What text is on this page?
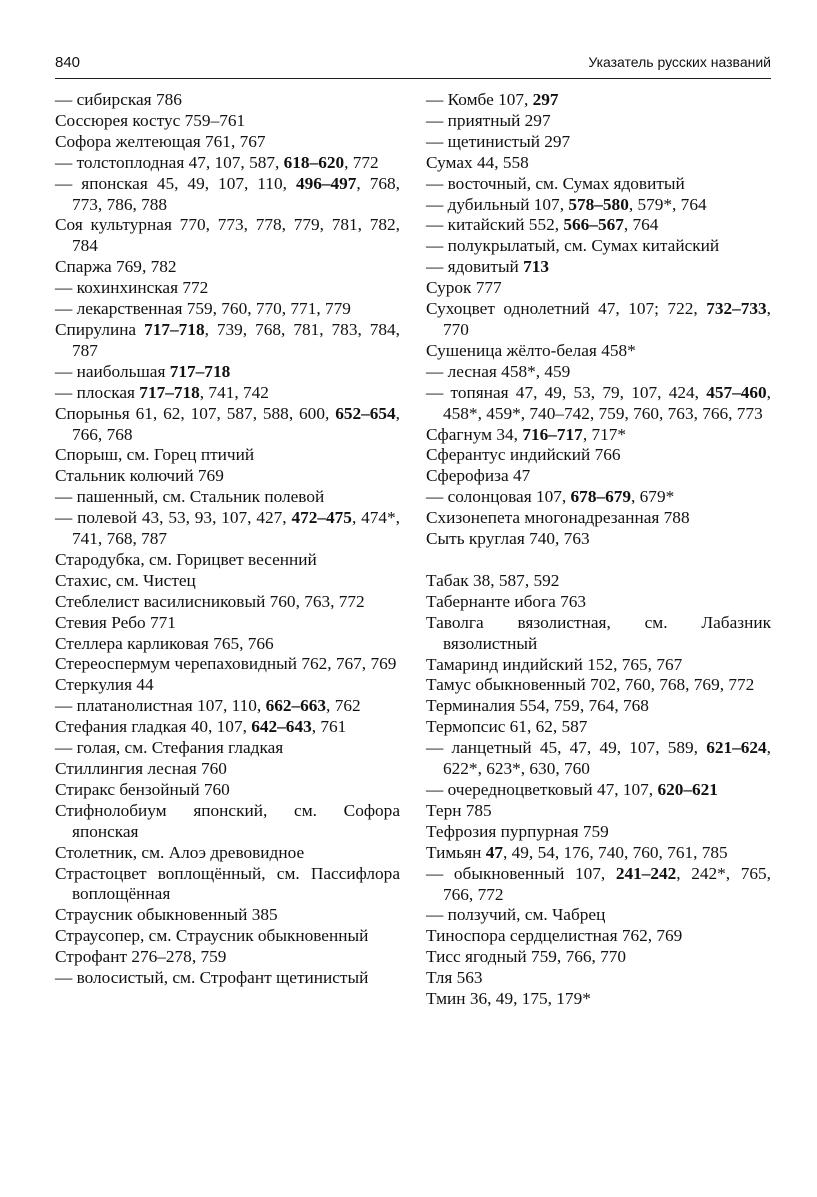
840	Указатель русских названий

— сибирская 786

Соссюрея костус 759–761

Софора желтеющая 761, 767

— толстоплодная 47, 107, 587, 618–620, 772

— японская 45, 49, 107, 110, 496–497, 768, 773, 786, 788

Соя культурная 770, 773, 778, 779, 781, 782, 784

Спаржа 769, 782

— кохинхинская 772

— лекарственная 759, 760, 770, 771, 779

Спирулина 717–718, 739, 768, 781, 783, 784, 787

— наибольшая 717–718

— плоская 717–718, 741, 742

Спорынья 61, 62, 107, 587, 588, 600, 652–654, 766, 768

Спорыш, см. Горец птичий

Стальник колючий 769

— пашенный, см. Стальник полевой

— полевой 43, 53, 93, 107, 427, 472–475, 474*, 741, 768, 787

Стародубка, см. Горицвет весенний

Стахис, см. Чистец

Стеблелист василисниковый 760, 763, 772

Стевия Ребо 771

Стеллера карликовая 765, 766

Стереоспермум черепаховидный 762, 767, 769

Стеркулия 44

— платанолистная 107, 110, 662–663, 762

Стефания гладкая 40, 107, 642–643, 761

— голая, см. Стефания гладкая

Стиллингия лесная 760

Стиракс бензойный 760

Стифнолобиум японский, см. Софора японская

Столетник, см. Алоэ древовидное

Страстоцвет воплощённый, см. Пассифлора воплощённая

Страусник обыкновенный 385

Страусопер, см. Страусник обыкновенный

Строфант 276–278, 759

— волосистый, см. Строфант щетинистый

— Комбе 107, 297

— приятный 297

— щетинистый 297

Сумах 44, 558

— восточный, см. Сумах ядовитый

— дубильный 107, 578–580, 579*, 764

— китайский 552, 566–567, 764

— полукрылатый, см. Сумах китайский

— ядовитый 713

Сурок 777

Сухоцвет однолетний 47, 107; 722, 732–733, 770

Сушеница жёлто-белая 458*

— лесная 458*, 459

— топяная 47, 49, 53, 79, 107, 424, 457–460, 458*, 459*, 740–742, 759, 760, 763, 766, 773

Сфагнум 34, 716–717, 717*

Сферантус индийский 766

Сферофиза 47

— солонцовая 107, 678–679, 679*

Схизонепета многонадрезанная 788

Сыть круглая 740, 763

Табак 38, 587, 592

Табернанте ибога 763

Таволга вязолистная, см. Лабазник вязолистный

Тамаринд индийский 152, 765, 767

Тамус обыкновенный 702, 760, 768, 769, 772

Терминалия 554, 759, 764, 768

Термопсис 61, 62, 587

— ланцетный 45, 47, 49, 107, 589, 621–624, 622*, 623*, 630, 760

— очередноцветковый 47, 107, 620–621

Терн 785

Тефрозия пурпурная 759

Тимьян 47, 49, 54, 176, 740, 760, 761, 785

— обыкновенный 107, 241–242, 242*, 765, 766, 772

— ползучий, см. Чабрец

Тиноспора сердцелистная 762, 769

Тисс ягодный 759, 766, 770

Тля 563

Тмин 36, 49, 175, 179*
